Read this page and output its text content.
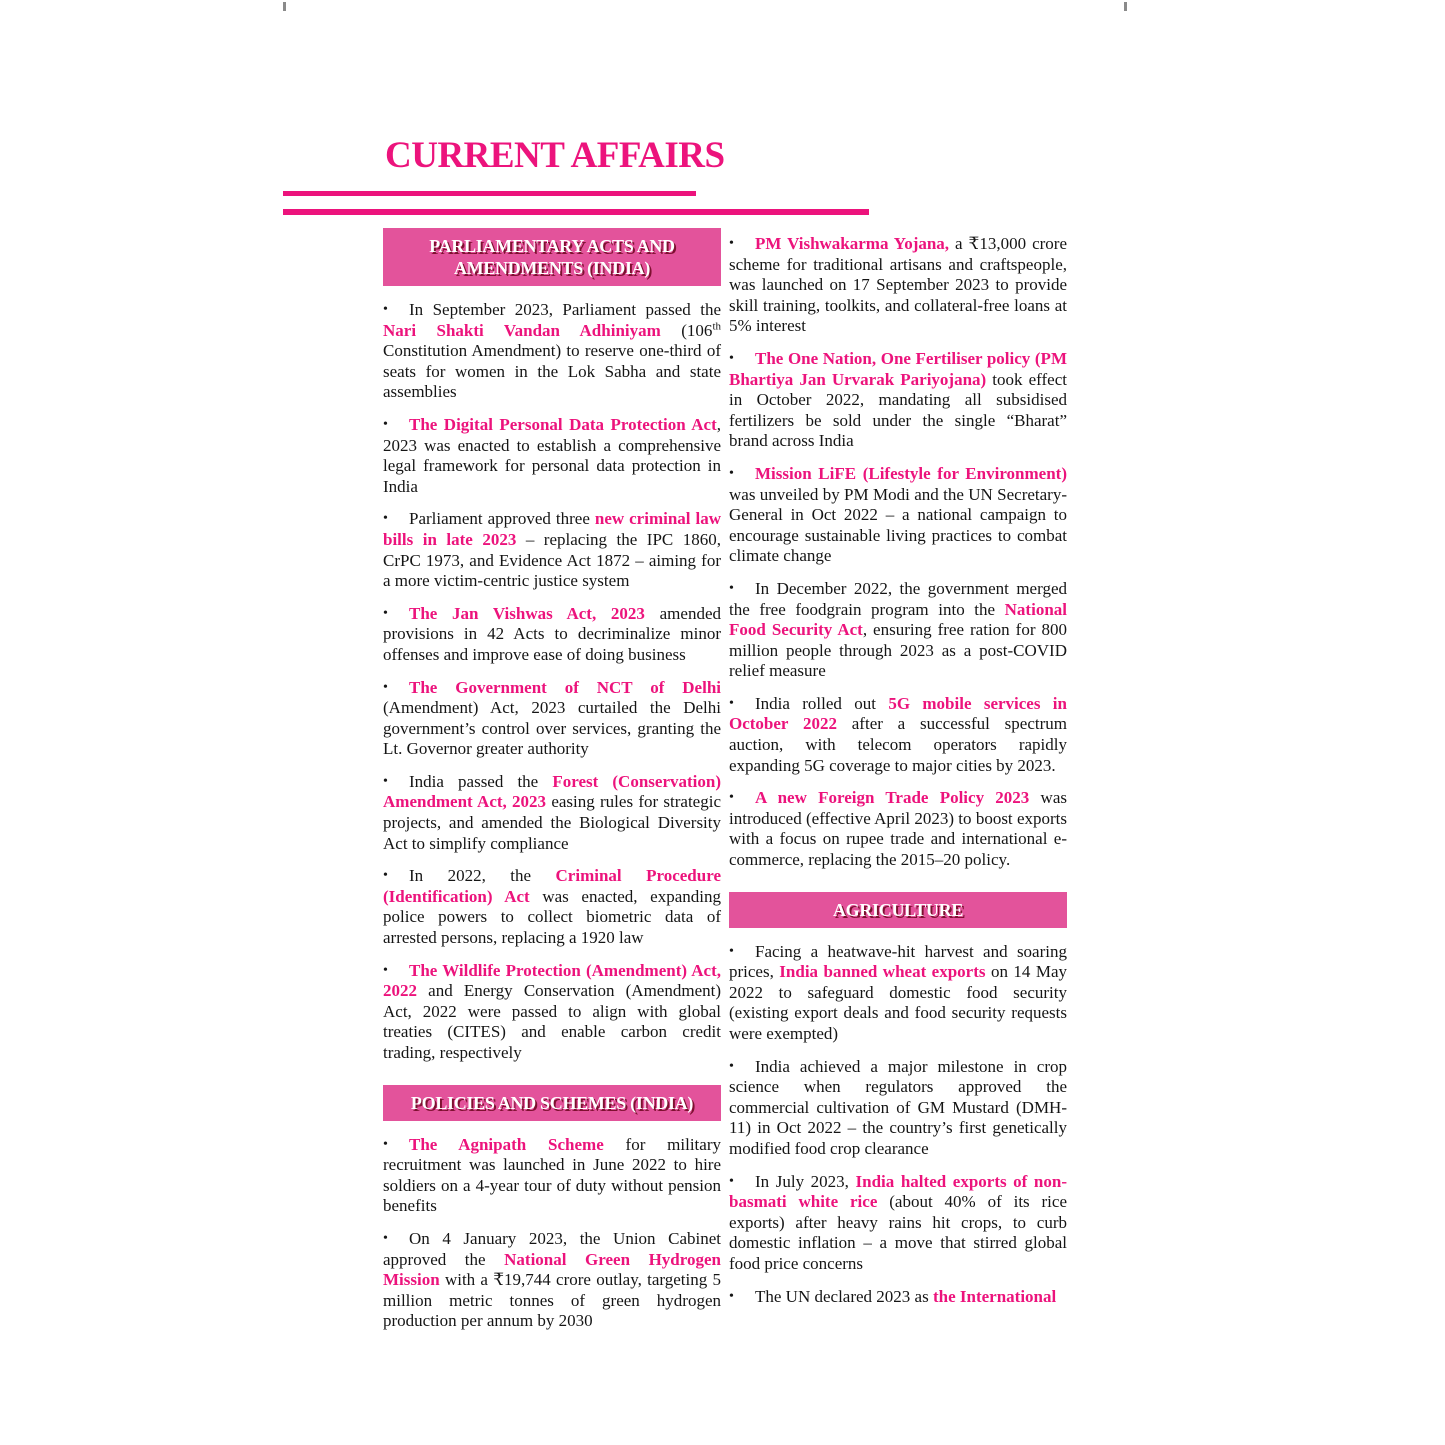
CURRENT AFFAIRS
PARLIAMENTARY ACTS AND AMENDMENTS (INDIA)
• In September 2023, Parliament passed the Nari Shakti Vandan Adhiniyam (106th Constitution Amendment) to reserve one-third of seats for women in the Lok Sabha and state assemblies
• The Digital Personal Data Protection Act, 2023 was enacted to establish a comprehensive legal framework for personal data protection in India
• Parliament approved three new criminal law bills in late 2023 – replacing the IPC 1860, CrPC 1973, and Evidence Act 1872 – aiming for a more victim-centric justice system
• The Jan Vishwas Act, 2023 amended provisions in 42 Acts to decriminalize minor offenses and improve ease of doing business
• The Government of NCT of Delhi (Amendment) Act, 2023 curtailed the Delhi government’s control over services, granting the Lt. Governor greater authority
• India passed the Forest (Conservation) Amendment Act, 2023 easing rules for strategic projects, and amended the Biological Diversity Act to simplify compliance
• In 2022, the Criminal Procedure (Identification) Act was enacted, expanding police powers to collect biometric data of arrested persons, replacing a 1920 law
• The Wildlife Protection (Amendment) Act, 2022 and Energy Conservation (Amendment) Act, 2022 were passed to align with global treaties (CITES) and enable carbon credit trading, respectively
POLICIES AND SCHEMES (INDIA)
• The Agnipath Scheme for military recruitment was launched in June 2022 to hire soldiers on a 4-year tour of duty without pension benefits
• On 4 January 2023, the Union Cabinet approved the National Green Hydrogen Mission with a ₹19,744 crore outlay, targeting 5 million metric tonnes of green hydrogen production per annum by 2030
• PM Vishwakarma Yojana, a ₹13,000 crore scheme for traditional artisans and craftspeople, was launched on 17 September 2023 to provide skill training, toolkits, and collateral-free loans at 5% interest
• The One Nation, One Fertiliser policy (PM Bhartiya Jan Urvarak Pariyojana) took effect in October 2022, mandating all subsidised fertilizers be sold under the single “Bharat” brand across India
• Mission LiFE (Lifestyle for Environment) was unveiled by PM Modi and the UN Secretary-General in Oct 2022 – a national campaign to encourage sustainable living practices to combat climate change
• In December 2022, the government merged the free foodgrain program into the National Food Security Act, ensuring free ration for 800 million people through 2023 as a post-COVID relief measure
• India rolled out 5G mobile services in October 2022 after a successful spectrum auction, with telecom operators rapidly expanding 5G coverage to major cities by 2023.
• A new Foreign Trade Policy 2023 was introduced (effective April 2023) to boost exports with a focus on rupee trade and international e-commerce, replacing the 2015–20 policy.
AGRICULTURE
• Facing a heatwave-hit harvest and soaring prices, India banned wheat exports on 14 May 2022 to safeguard domestic food security (existing export deals and food security requests were exempted)
• India achieved a major milestone in crop science when regulators approved the commercial cultivation of GM Mustard (DMH-11) in Oct 2022 – the country’s first genetically modified food crop clearance
• In July 2023, India halted exports of non-basmati white rice (about 40% of its rice exports) after heavy rains hit crops, to curb domestic inflation – a move that stirred global food price concerns
• The UN declared 2023 as the International
